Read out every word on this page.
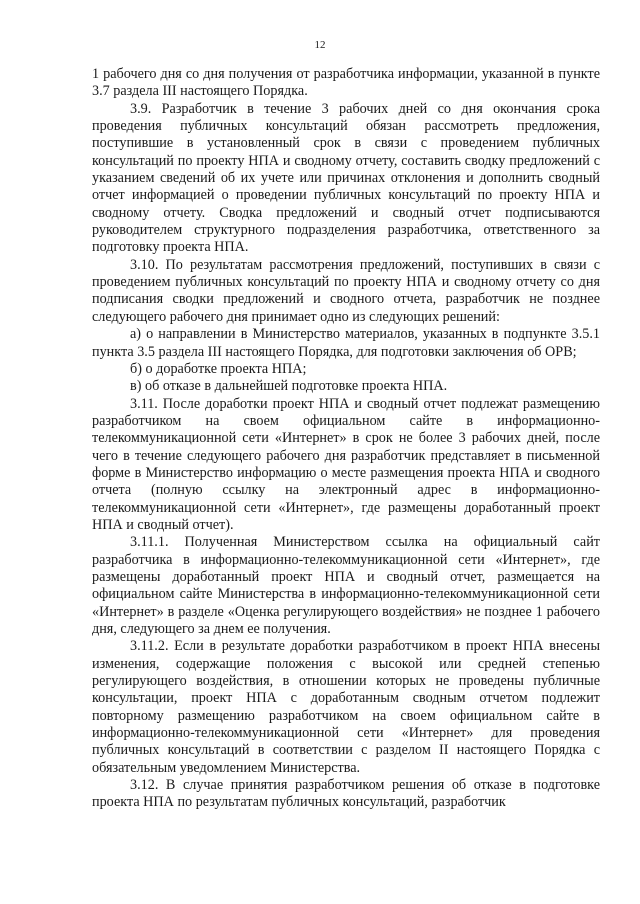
12

1 рабочего дня со дня получения от разработчика информации, указанной в пункте 3.7 раздела III настоящего Порядка.

3.9. Разработчик в течение 3 рабочих дней со дня окончания срока проведения публичных консультаций обязан рассмотреть предложения, поступившие в установленный срок в связи с проведением публичных консультаций по проекту НПА и сводному отчету, составить сводку предложений с указанием сведений об их учете или причинах отклонения и дополнить сводный отчет информацией о проведении публичных консультаций по проекту НПА и сводному отчету. Сводка предложений и сводный отчет подписываются руководителем структурного подразделения разработчика, ответственного за подготовку проекта НПА.

3.10. По результатам рассмотрения предложений, поступивших в связи с проведением публичных консультаций по проекту НПА и сводному отчету со дня подписания сводки предложений и сводного отчета, разработчик не позднее следующего рабочего дня принимает одно из следующих решений:

а) о направлении в Министерство материалов, указанных в подпункте 3.5.1 пункта 3.5 раздела III настоящего Порядка, для подготовки заключения об ОРВ;

б) о доработке проекта НПА;

в) об отказе в дальнейшей подготовке проекта НПА.

3.11. После доработки проект НПА и сводный отчет подлежат размещению разработчиком на своем официальном сайте в информационно-телекоммуникационной сети «Интернет» в срок не более 3 рабочих дней, после чего в течение следующего рабочего дня разработчик представляет в письменной форме в Министерство информацию о месте размещения проекта НПА и сводного отчета (полную ссылку на электронный адрес в информационно-телекоммуникационной сети «Интернет», где размещены доработанный проект НПА и сводный отчет).

3.11.1. Полученная Министерством ссылка на официальный сайт разработчика в информационно-телекоммуникационной сети «Интернет», где размещены доработанный проект НПА и сводный отчет, размещается на официальном сайте Министерства в информационно-телекоммуникационной сети «Интернет» в разделе «Оценка регулирующего воздействия» не позднее 1 рабочего дня, следующего за днем ее получения.

3.11.2. Если в результате доработки разработчиком в проект НПА внесены изменения, содержащие положения с высокой или средней степенью регулирующего воздействия, в отношении которых не проведены публичные консультации, проект НПА с доработанным сводным отчетом подлежит повторному размещению разработчиком на своем официальном сайте в информационно-телекоммуникационной сети «Интернет» для проведения публичных консультаций в соответствии с разделом II настоящего Порядка с обязательным уведомлением Министерства.

3.12. В случае принятия разработчиком решения об отказе в подготовке проекта НПА по результатам публичных консультаций, разработчик
